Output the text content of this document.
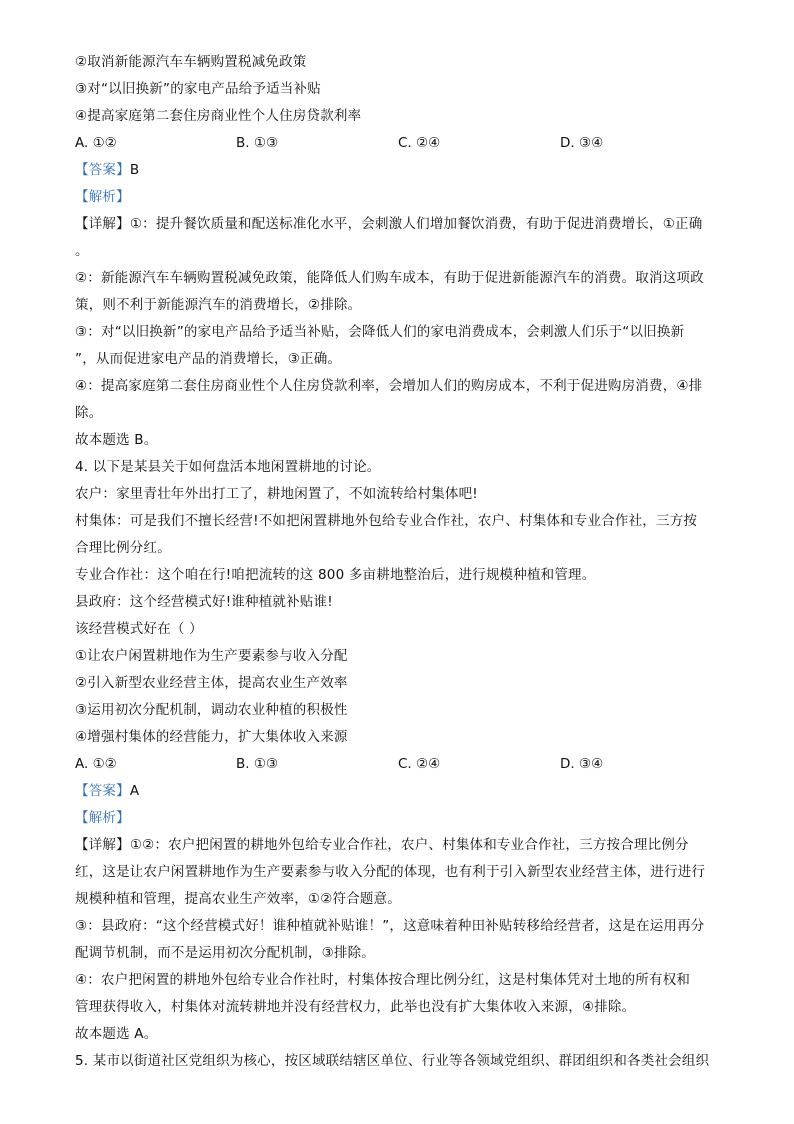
②取消新能源汽车车辆购置税减免政策
③对“以旧换新”的家电产品给予适当补贴
④提高家庭第二套住房商业性个人住房贷款利率
A. ①②	B. ①③	C. ②④	D. ③④
【答案】B
【解析】
【详解】①：提升餐饮质量和配送标准化水平，会刺激人们增加餐饮消费，有助于促进消费增长，①正确
。
②：新能源汽车车辆购置税减免政策，能降低人们购车成本，有助于促进新能源汽车的消费。取消这项政
策，则不利于新能源汽车的消费增长，②排除。
③：对“以旧换新”的家电产品给予适当补贴，会降低人们的家电消费成本，会刺激人们乐于“以旧换新
”，从而促进家电产品的消费增长，③正确。
④：提高家庭第二套住房商业性个人住房贷款利率，会增加人们的购房成本，不利于促进购房消费，④排
除。
故本题选 B。
4. 以下是某县关于如何盘活本地闲置耕地的讨论。
农户：家里青壮年外出打工了，耕地闲置了，不如流转给村集体吧!
村集体：可是我们不擅长经营!不如把闲置耕地外包给专业合作社，农户、村集体和专业合作社，三方按
合理比例分红。
专业合作社：这个咱在行!咱把流转的这 800 多亩耕地整治后，进行规模种植和管理。
县政府：这个经营模式好!谁种植就补贴谁!
该经营模式好在（ ）
①让农户闲置耕地作为生产要素参与收入分配
②引入新型农业经营主体，提高农业生产效率
③运用初次分配机制，调动农业种植的积极性
④增强村集体的经营能力，扩大集体收入来源
A. ①②	B. ①③	C. ②④	D. ③④
【答案】A
【解析】
【详解】①②：农户把闲置的耕地外包给专业合作社，农户、村集体和专业合作社，三方按合理比例分
红，这是让农户闲置耕地作为生产要素参与收入分配的体现，也有利于引入新型农业经营主体，进行进行
规模种植和管理，提高农业生产效率，①②符合题意。
③：县政府：“这个经营模式好！谁种植就补贴谁！”，这意味着种田补贴转移给经营者，这是在运用再分
配调节机制，而不是运用初次分配机制，③排除。
④：农户把闲置的耕地外包给专业合作社时，村集体按合理比例分红，这是村集体凭对土地的所有权和
管理获得收入，村集体对流转耕地并没有经营权力，此举也没有扩大集体收入来源，④排除。
故本题选 A。
5. 某市以街道社区党组织为核心，按区域联结辖区单位、行业等各领域党组织、群团组织和各类社会组织
